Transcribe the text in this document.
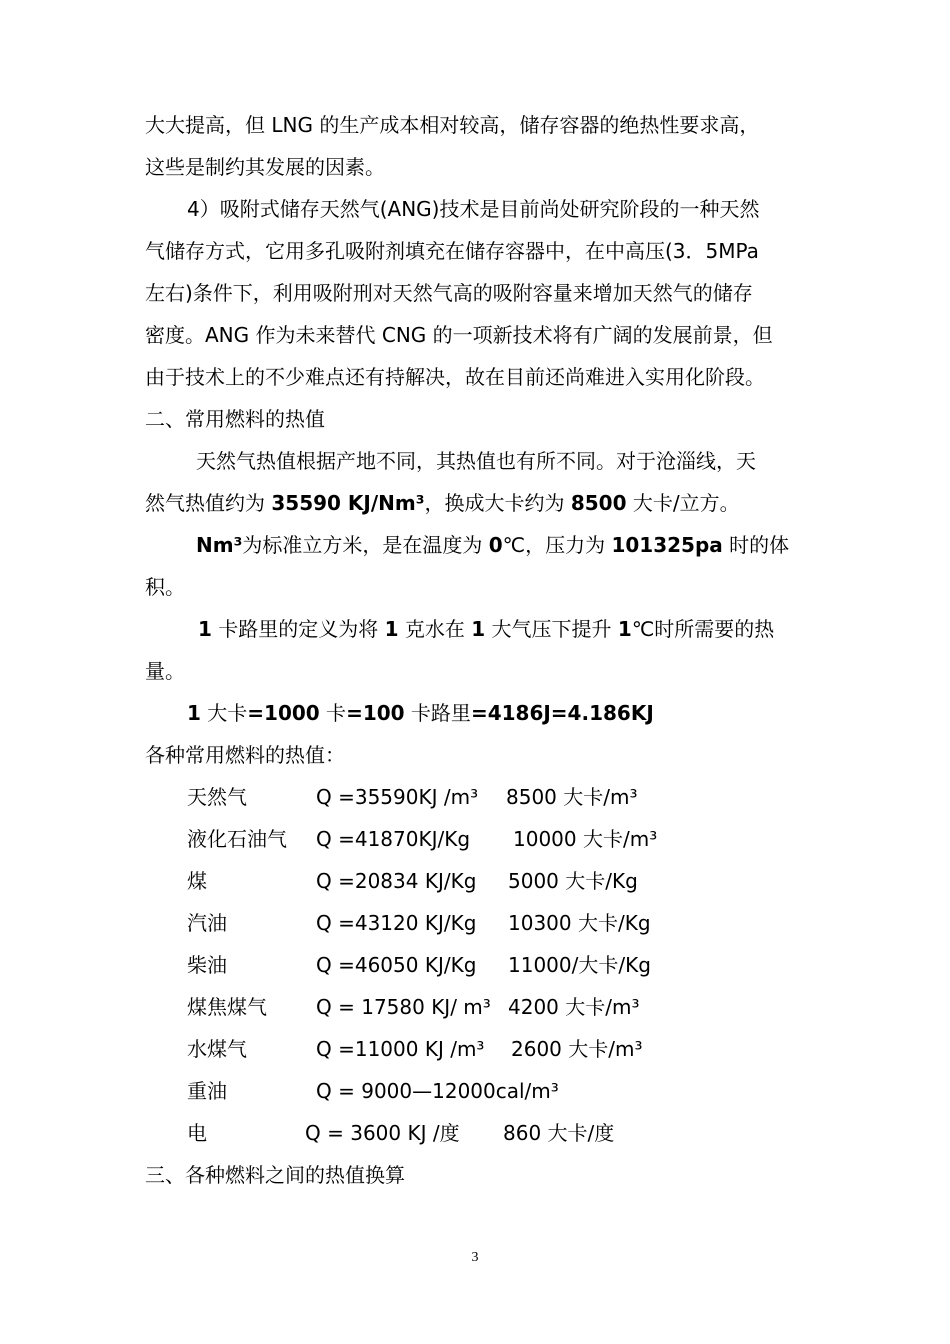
大大提高，但 LNG 的生产成本相对较高，储存容器的绝热性要求高，
这些是制约其发展的因素。
4）吸附式储存天然气(ANG)技术是目前尚处研究阶段的一种天然
气储存方式，它用多孔吸附剂填充在储存容器中，在中高压(3．5MPa
左右)条件下，利用吸附刑对天然气高的吸附容量来增加天然气的储存
密度。ANG 作为未来替代 CNG 的一项新技术将有广阔的发展前景，但
由于技术上的不少难点还有持解决，故在目前还尚难进入实用化阶段。
二、常用燃料的热值
天然气热值根据产地不同，其热值也有所不同。对于沧淄线，天
然气热值约为 35590 KJ/Nm³，换成大卡约为 8500 大卡/立方。
Nm³为标准立方米，是在温度为 0℃，压力为 101325pa 时的体
积。
1 卡路里的定义为将 1 克水在 1 大气压下提升 1℃时所需要的热
量。
1 大卡=1000 卡=100 卡路里=4186J=4.186KJ
各种常用燃料的热值：
天然气	Q =35590KJ /m³ 8500 大卡/m³
液化石油气 Q =41870KJ/Kg 10000 大卡/m³
煤	Q =20834 KJ/Kg 5000 大卡/Kg
汽油	Q =43120 KJ/Kg 10300 大卡/Kg
柴油	Q =46050 KJ/Kg 11000/大卡/Kg
煤焦煤气 Q = 17580 KJ/ m³ 4200 大卡/m³
水煤气	Q =11000 KJ /m³ 2600 大卡/m³
重油	Q = 9000—12000cal/m³
电	Q = 3600 KJ /度 860 大卡/度
三、各种燃料之间的热值换算
3
